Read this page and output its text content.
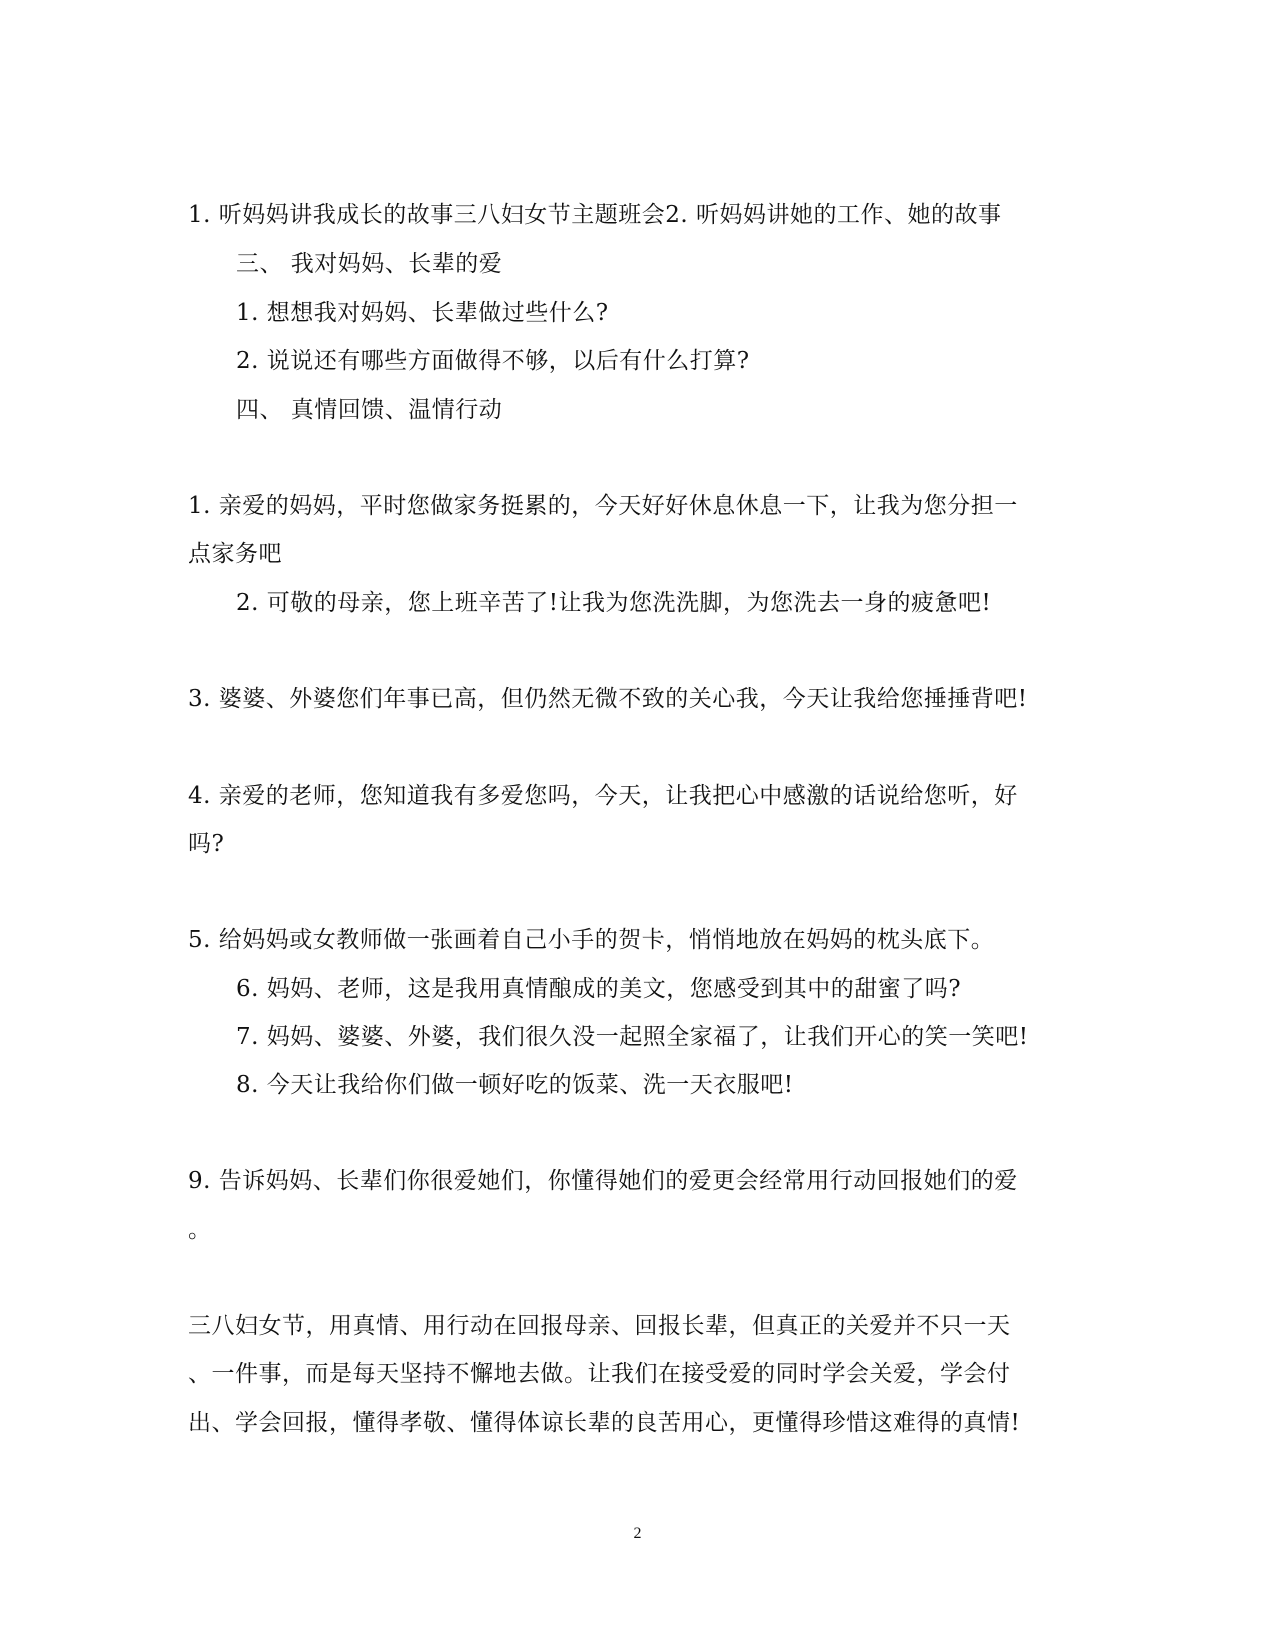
1. 听妈妈讲我成长的故事三八妇女节主题班会2. 听妈妈讲她的工作、她的故事
三、 我对妈妈、长辈的爱
1. 想想我对妈妈、长辈做过些什么?
2. 说说还有哪些方面做得不够，以后有什么打算?
四、 真情回馈、温情行动
1. 亲爱的妈妈，平时您做家务挺累的，今天好好休息休息一下，让我为您分担一
点家务吧
2. 可敬的母亲，您上班辛苦了!让我为您洗洗脚，为您洗去一身的疲惫吧!
3. 婆婆、外婆您们年事已高，但仍然无微不致的关心我，今天让我给您捶捶背吧!
4. 亲爱的老师，您知道我有多爱您吗，今天，让我把心中感激的话说给您听，好
吗?
5. 给妈妈或女教师做一张画着自己小手的贺卡，悄悄地放在妈妈的枕头底下。
6. 妈妈、老师，这是我用真情酿成的美文，您感受到其中的甜蜜了吗?
7. 妈妈、婆婆、外婆，我们很久没一起照全家福了，让我们开心的笑一笑吧!
8. 今天让我给你们做一顿好吃的饭菜、洗一天衣服吧!
9. 告诉妈妈、长辈们你很爱她们，你懂得她们的爱更会经常用行动回报她们的爱
。
三八妇女节，用真情、用行动在回报母亲、回报长辈，但真正的关爱并不只一天
、一件事，而是每天坚持不懈地去做。让我们在接受爱的同时学会关爱，学会付
出、学会回报，懂得孝敬、懂得体谅长辈的良苦用心，更懂得珍惜这难得的真情!
2
